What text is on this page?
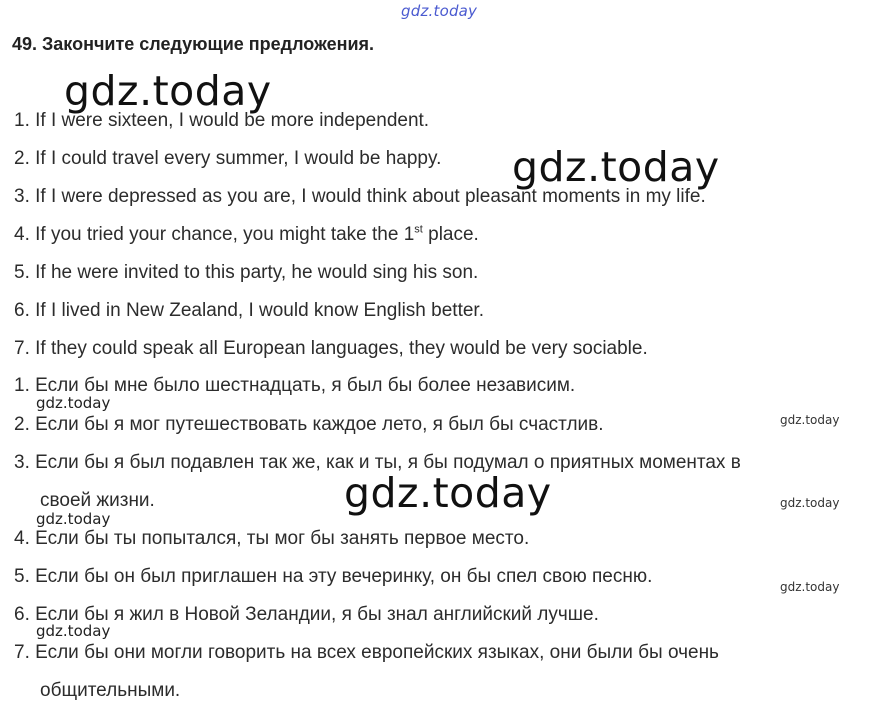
gdz.today
49. Закончите следующие предложения.
1. If I were sixteen, I would be more independent.
2. If I could travel every summer, I would be happy.
3. If I were depressed as you are, I would think about pleasant moments in my life.
4. If you tried your chance, you might take the 1st place.
5. If he were invited to this party, he would sing his son.
6. If I lived in New Zealand, I would know English better.
7. If they could speak all European languages, they would be very sociable.
1. Если бы мне было шестнадцать, я был бы более независим.
2. Если бы я мог путешествовать каждое лето, я был бы счастлив.
3. Если бы я был подавлен так же, как и ты, я бы подумал о приятных моментах в
своей жизни.
4. Если бы ты попытался, ты мог бы занять первое место.
5. Если бы он был приглашен на эту вечеринку, он бы спел свою песню.
6. Если бы я жил в Новой Зеландии, я бы знал английский лучше.
7. Если бы они могли говорить на всех европейских языках, они были бы очень
общительными.
gdz.today
gdz.today
gdz.today
gdz.today
gdz.today
gdz.today
gdz.today
gdz.today
gdz.today
